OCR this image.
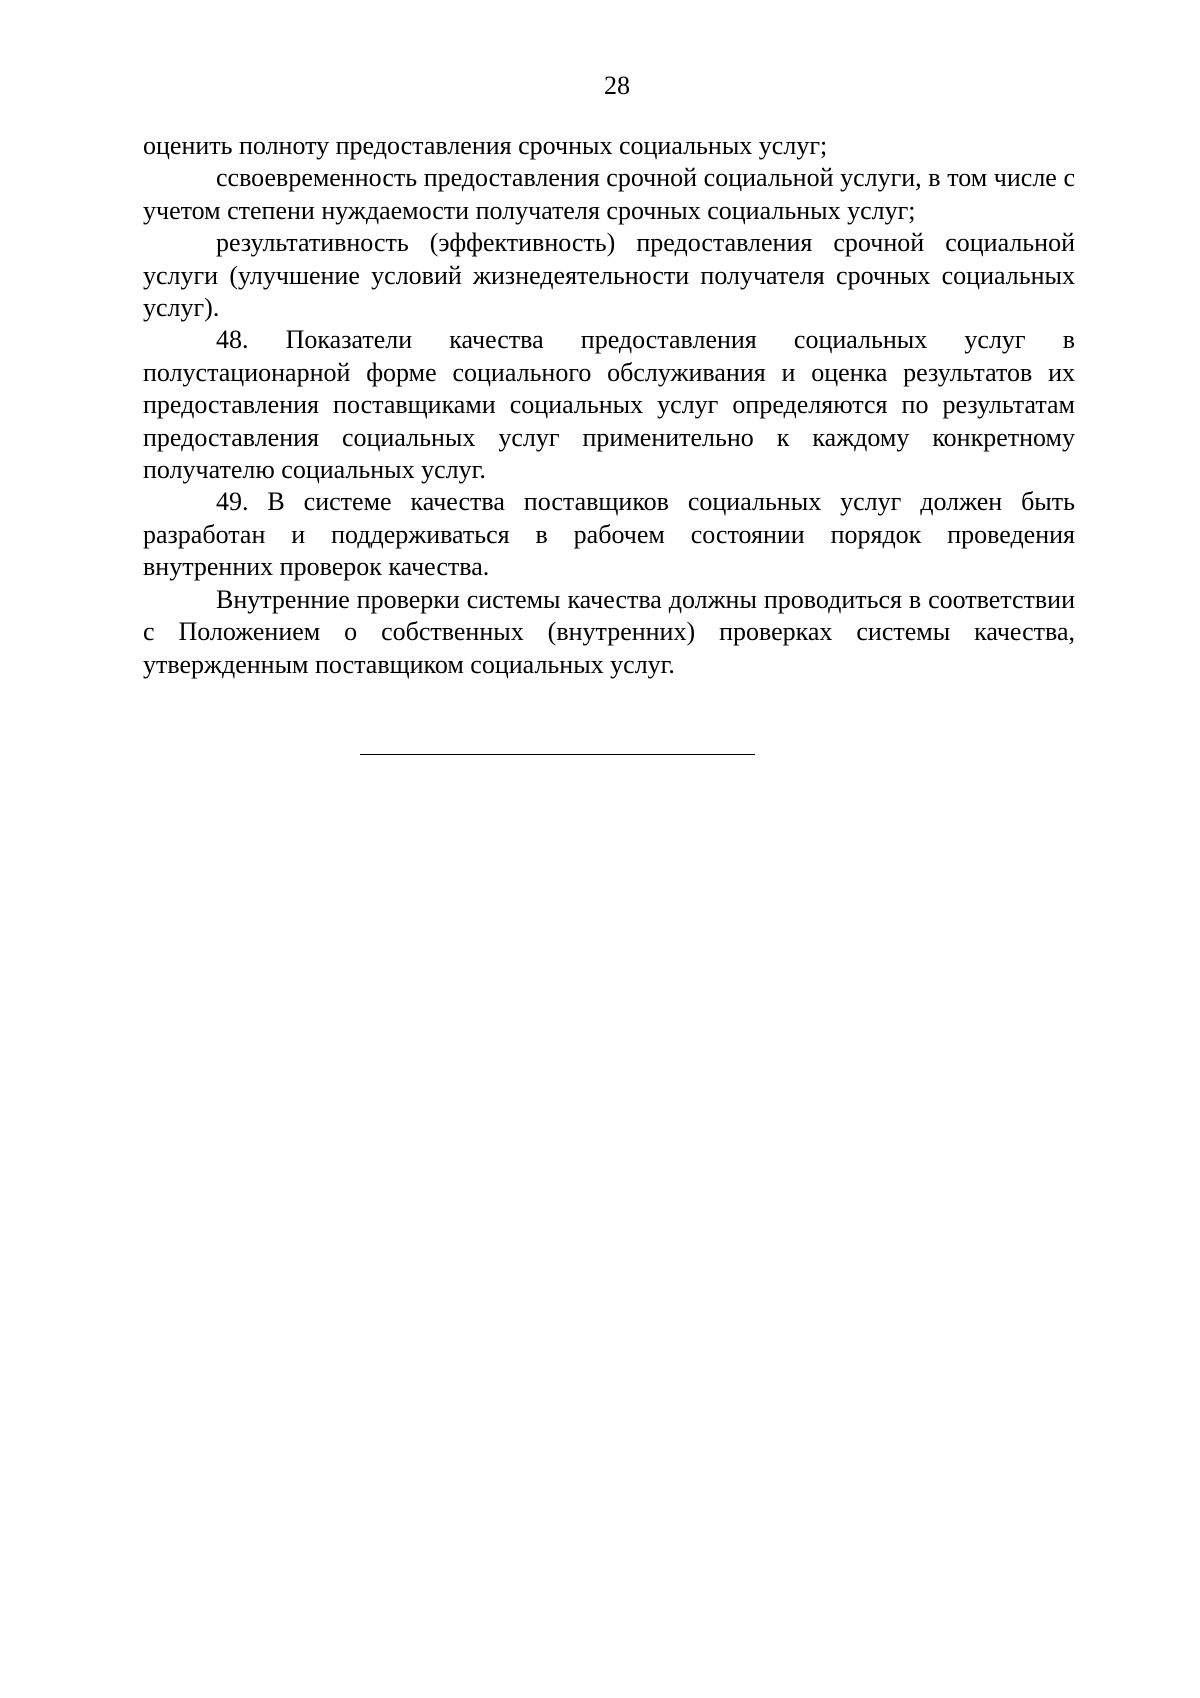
28

оценить полноту предоставления срочных социальных услуг;

ссвоевременность предоставления срочной социальной услуги, в том числе с учетом степени нуждаемости получателя срочных социальных услуг;

результативность (эффективность) предоставления срочной социальной услуги (улучшение условий жизнедеятельности получателя срочных социальных услуг).

48. Показатели качества предоставления социальных услуг в полустационарной форме социального обслуживания и оценка результатов их предоставления поставщиками социальных услуг определяются по результатам предоставления социальных услуг применительно к каждому конкретному получателю социальных услуг.

49. В системе качества поставщиков социальных услуг должен быть разработан и поддерживаться в рабочем состоянии порядок проведения внутренних проверок качества.

Внутренние проверки системы качества должны проводиться в соответствии с Положением о собственных (внутренних) проверках системы качества, утвержденным поставщиком социальных услуг.
